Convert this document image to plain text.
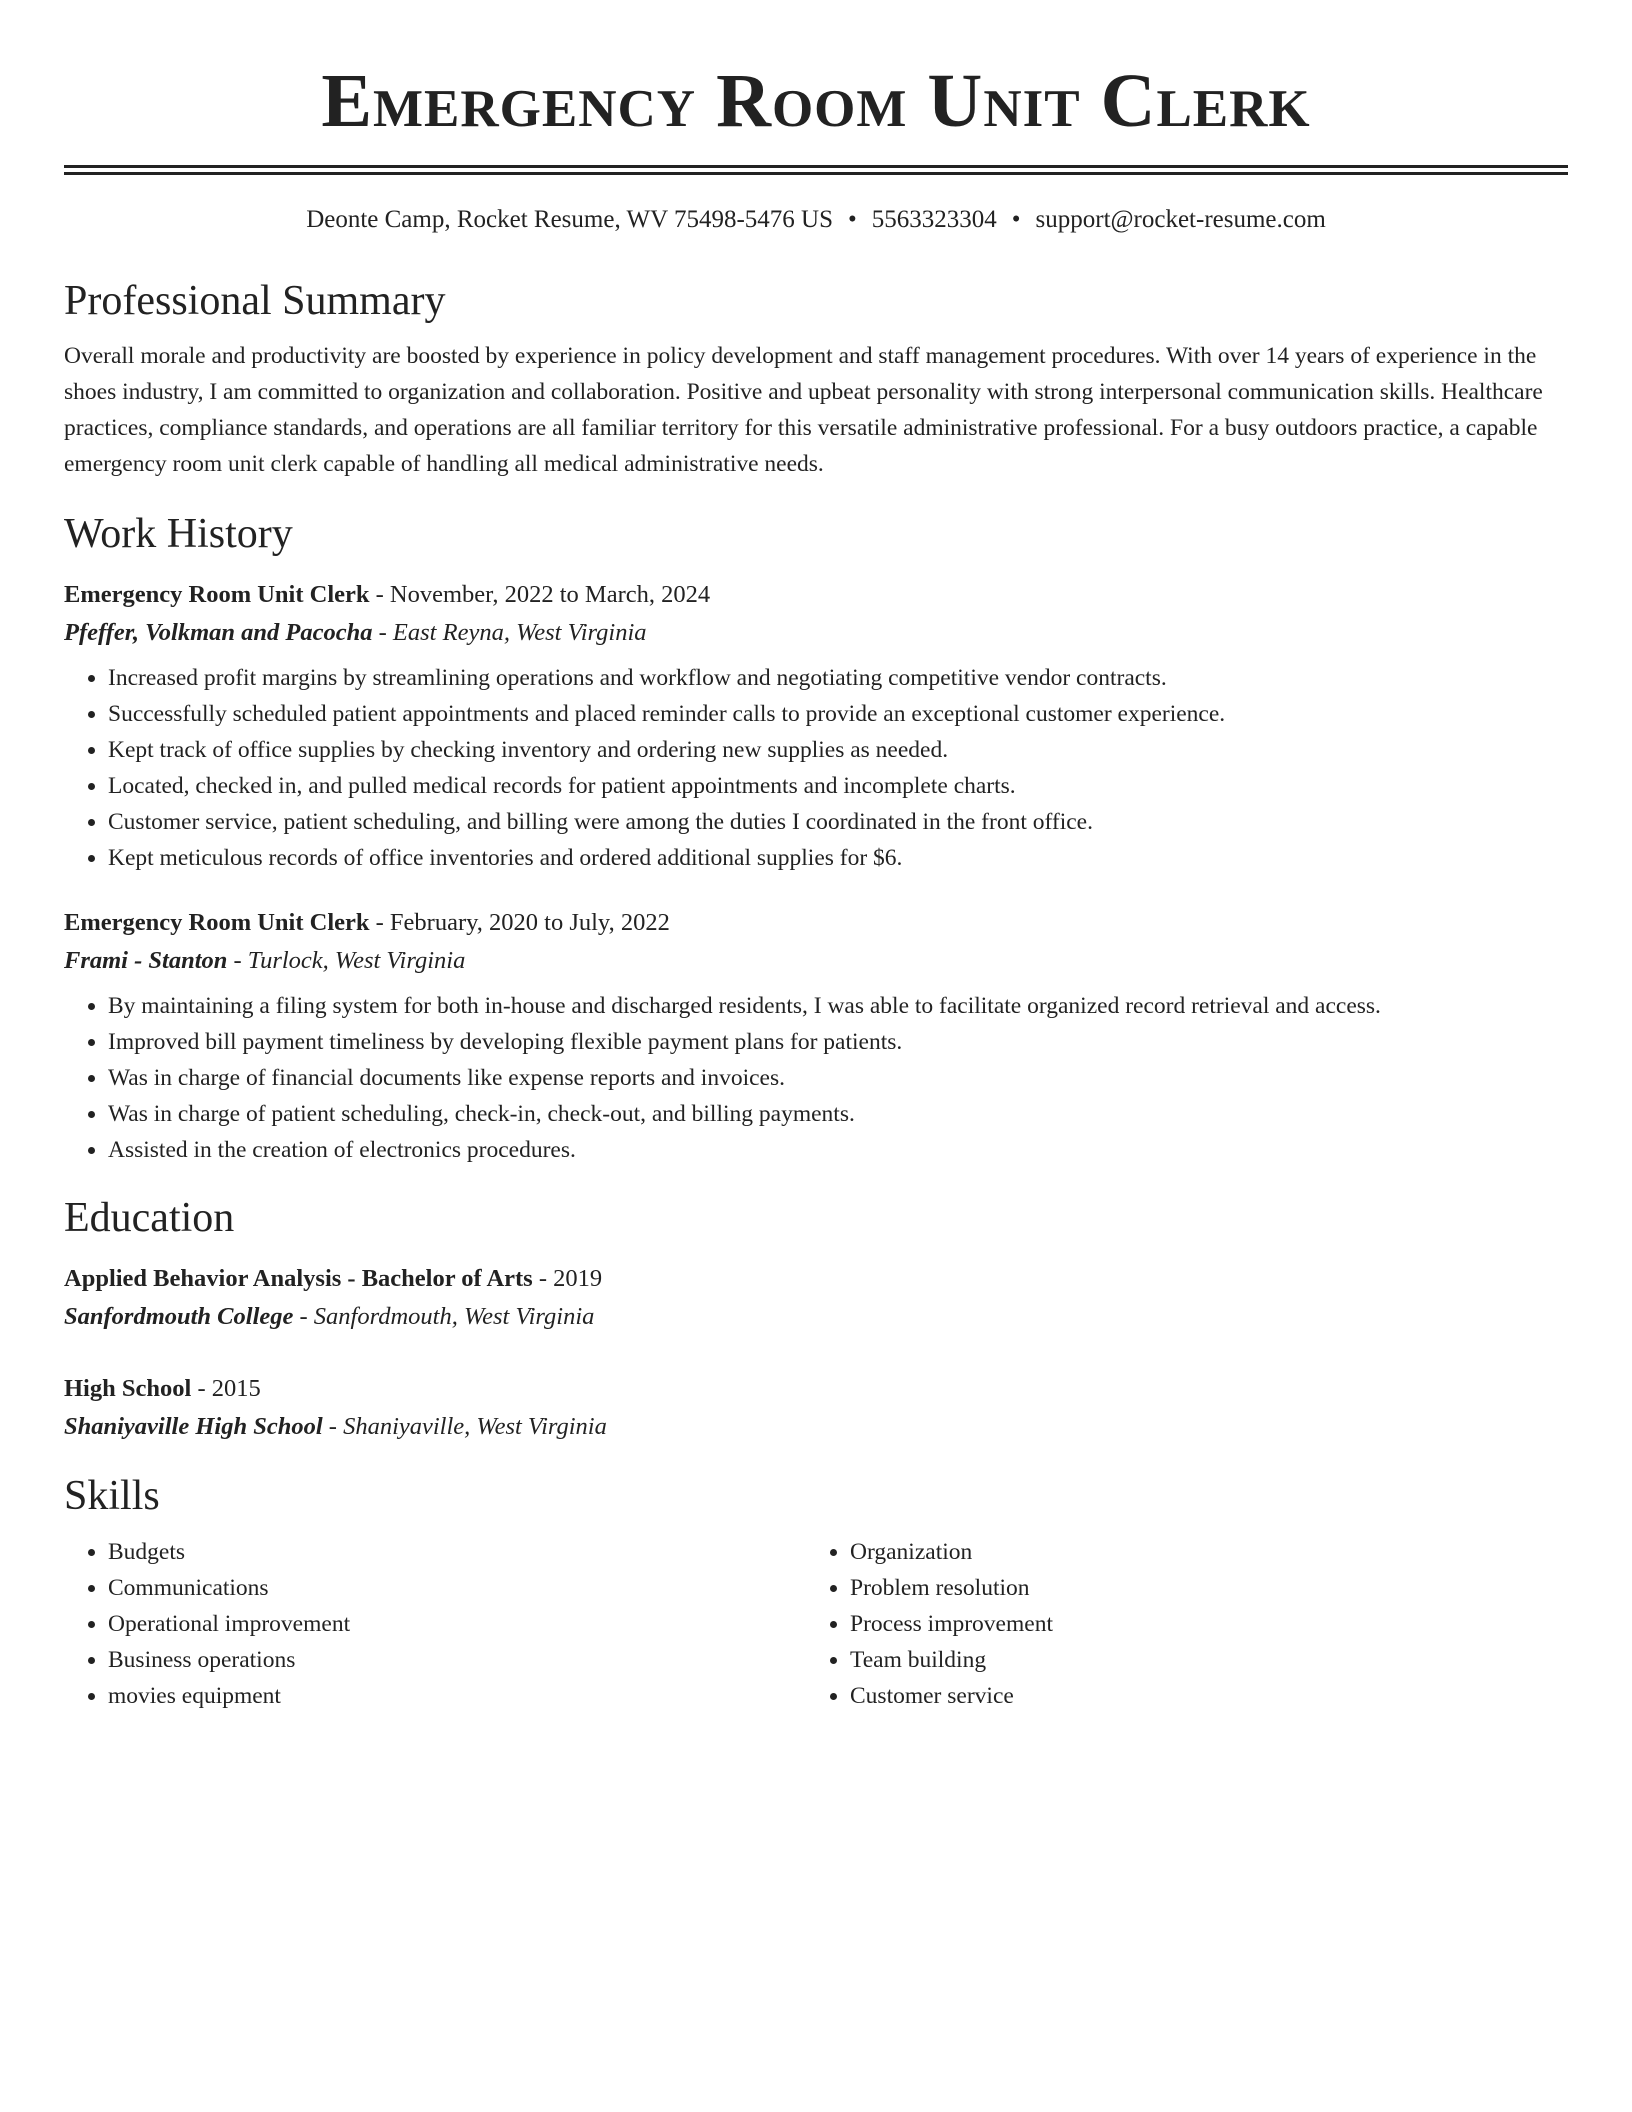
Emergency Room Unit Clerk
Deonte Camp, Rocket Resume, WV 75498-5476 US • 5563323304 • support@rocket-resume.com
Professional Summary

Overall morale and productivity are boosted by experience in policy development and staff management procedures. With over 14 years of experience in the shoes industry, I am committed to organization and collaboration. Positive and upbeat personality with strong interpersonal communication skills. Healthcare practices, compliance standards, and operations are all familiar territory for this versatile administrative professional. For a busy outdoors practice, a capable emergency room unit clerk capable of handling all medical administrative needs.

Work History
Emergency Room Unit Clerk - November, 2022 to March, 2024
Pfeffer, Volkman and Pacocha - East Reyna, West Virginia
• Increased profit margins by streamlining operations and workflow and negotiating competitive vendor contracts.
• Successfully scheduled patient appointments and placed reminder calls to provide an exceptional customer experience.
• Kept track of office supplies by checking inventory and ordering new supplies as needed.
• Located, checked in, and pulled medical records for patient appointments and incomplete charts.
• Customer service, patient scheduling, and billing were among the duties I coordinated in the front office.
• Kept meticulous records of office inventories and ordered additional supplies for $6.
Emergency Room Unit Clerk - February, 2020 to July, 2022
Frami - Stanton - Turlock, West Virginia
• By maintaining a filing system for both in-house and discharged residents, I was able to facilitate organized record retrieval and access.
• Improved bill payment timeliness by developing flexible payment plans for patients.
• Was in charge of financial documents like expense reports and invoices.
• Was in charge of patient scheduling, check-in, check-out, and billing payments.
• Assisted in the creation of electronics procedures.
Education
Applied Behavior Analysis - Bachelor of Arts - 2019
Sanfordmouth College - Sanfordmouth, West Virginia
High School - 2015
Shaniyaville High School - Shaniyaville, West Virginia
Skills
• Budgets
• Communications
• Operational improvement
• Business operations
• movies equipment
• Organization
• Problem resolution
• Process improvement
• Team building
• Customer service
